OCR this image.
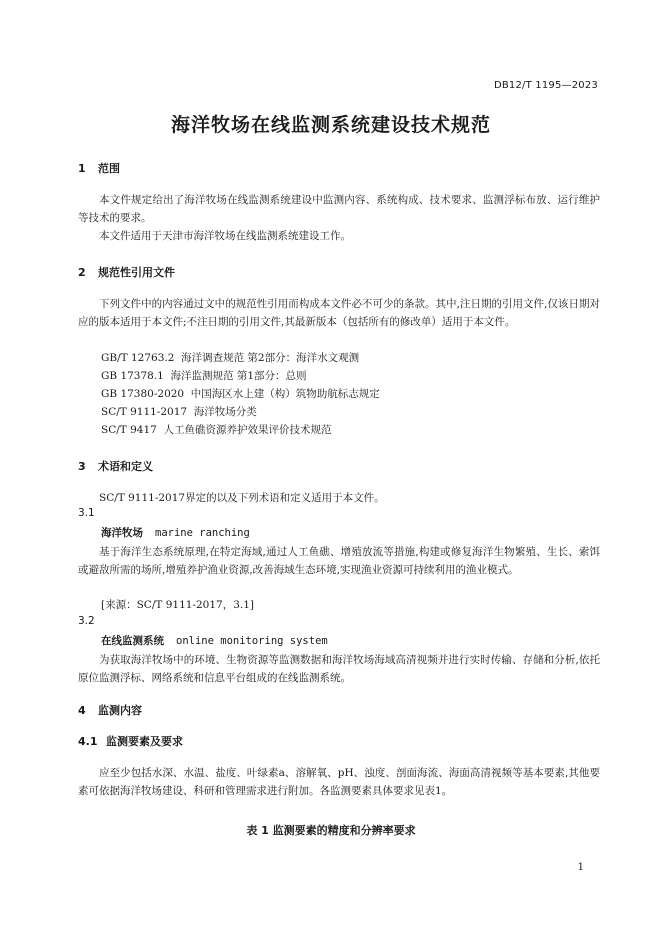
DB12/T 1195—2023
海洋牧场在线监测系统建设技术规范
1 范围
本文件规定给出了海洋牧场在线监测系统建设中监测内容、系统构成、技术要求、监测浮标布放、运行维护等技术的要求。
本文件适用于天津市海洋牧场在线监测系统建设工作。
2 规范性引用文件
下列文件中的内容通过文中的规范性引用而构成本文件必不可少的条款。其中,注日期的引用文件,仅该日期对应的版本适用于本文件;不注日期的引用文件,其最新版本（包括所有的修改单）适用于本文件。
GB/T 12763.2  海洋调查规范 第2部分：海洋水文观测
GB 17378.1  海洋监测规范 第1部分：总则
GB 17380-2020  中国海区水上建（构）筑物助航标志规定
SC/T 9111-2017  海洋牧场分类
SC/T 9417  人工鱼礁资源养护效果评价技术规范
3 术语和定义
SC/T 9111-2017界定的以及下列术语和定义适用于本文件。
3.1
海洋牧场 marine ranching
基于海洋生态系统原理,在特定海域,通过人工鱼礁、增殖放流等措施,构建或修复海洋生物繁殖、生长、索饵或避敌所需的场所,增殖养护渔业资源,改善海域生态环境,实现渔业资源可持续利用的渔业模式。
[来源：SC/T 9111-2017，3.1]
3.2
在线监测系统 online monitoring system
为获取海洋牧场中的环境、生物资源等监测数据和海洋牧场海域高清视频并进行实时传输、存储和分析,依托原位监测浮标、网络系统和信息平台组成的在线监测系统。
4 监测内容
4.1 监测要素及要求
应至少包括水深、水温、盐度、叶绿素a、溶解氧、pH、浊度、剖面海流、海面高清视频等基本要素,其他要素可依据海洋牧场建设、科研和管理需求进行附加。各监测要素具体要求见表1。
表 1 监测要素的精度和分辨率要求
1
